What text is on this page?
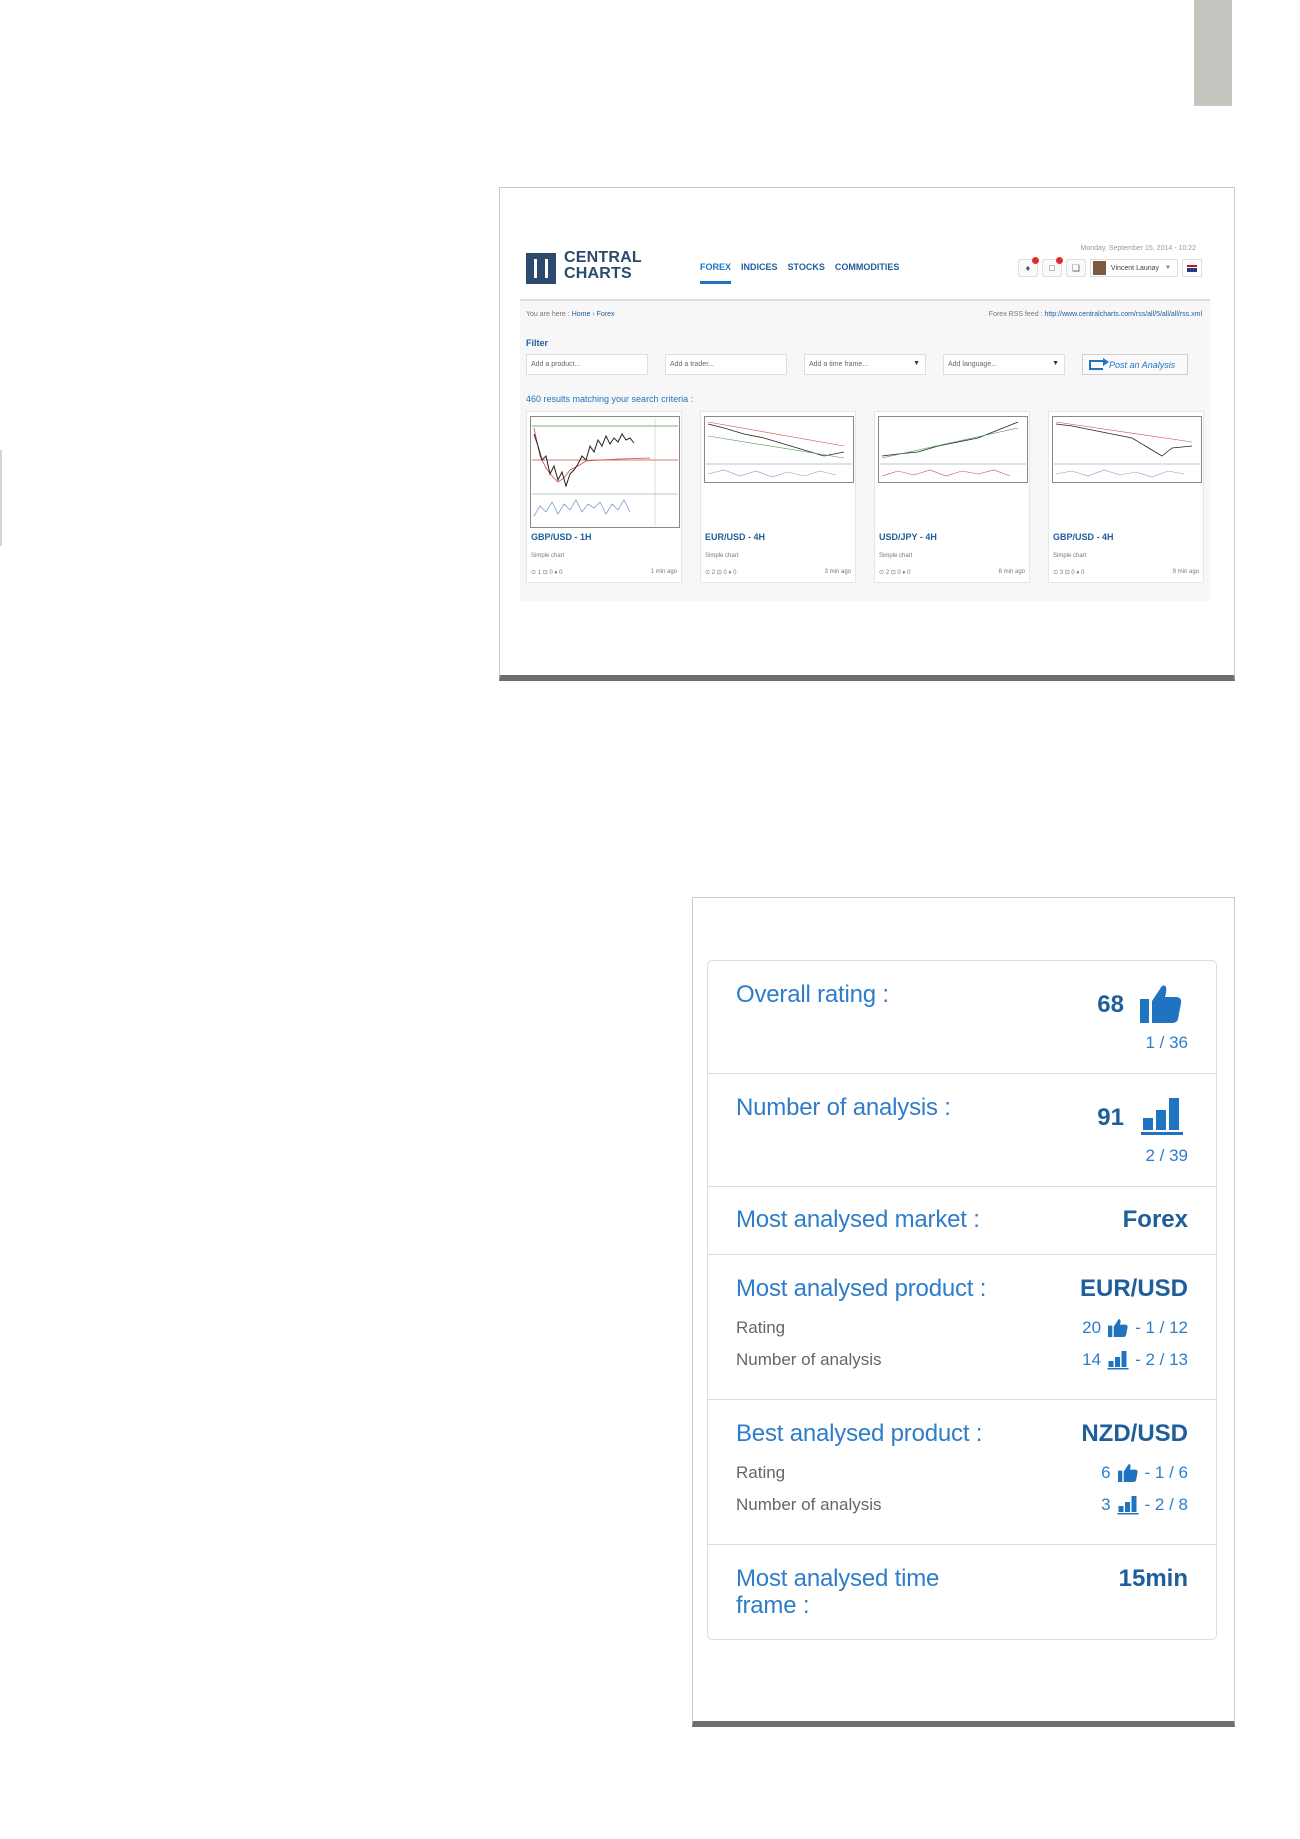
CENTRAL
CHARTS	FOREX INDICES STOCKS COMMODITIES
Monday, September 15, 2014 - 10:22
♦ □ ❏	Vincent Launay ▼
You are here : Home › Forex	Forex RSS feed : http://www.centralcharts.com/rss/all/5/all/all/rss.xml
Filter
Add a product...	Add a trader...	Add a time frame...	▼	Add language...	▼	Post an Analysis
460 results matching your search criteria :
GBP/USD - 1H
Simple chart
⊙ 1 ⊡ 0 ♦ 0	1 min ago
EUR/USD - 4H
Simple chart
⊙ 2 ⊡ 0 ♦ 0	3 min ago
USD/JPY - 4H
Simple chart
⊙ 2 ⊡ 0 ♦ 0	8 min ago
GBP/USD - 4H
Simple chart
⊙ 3 ⊡ 0 ♦ 0	9 min ago
Overall rating :	68
1 / 36
Number of analysis :	91
2 / 39
Most analysed market :	Forex
Most analysed product :	EUR/USD
Rating	20 - 1 / 12
Number of analysis	14 - 2 / 13
Best analysed product :	NZD/USD
Rating	6 - 1 / 6
Number of analysis	3 - 2 / 8
Most analysed time
frame :
15min
